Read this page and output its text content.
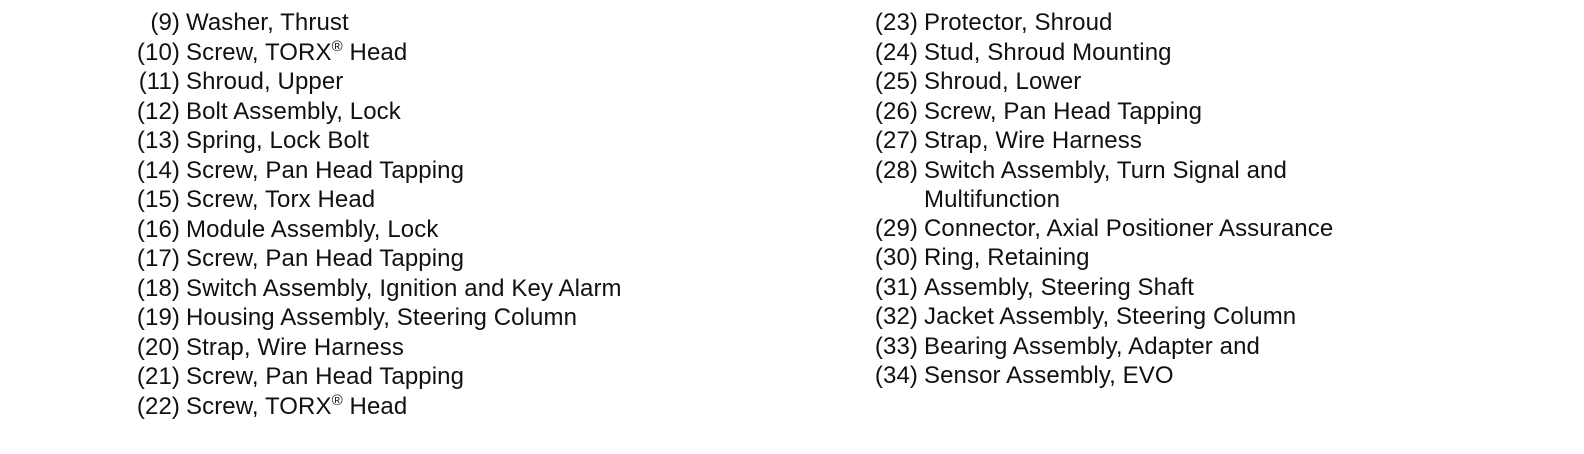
(9) Washer, Thrust
(10) Screw, TORX® Head
(11) Shroud, Upper
(12) Bolt Assembly, Lock
(13) Spring, Lock Bolt
(14) Screw, Pan Head Tapping
(15) Screw, Torx Head
(16) Module Assembly, Lock
(17) Screw, Pan Head Tapping
(18) Switch Assembly, Ignition and Key Alarm
(19) Housing Assembly, Steering Column
(20) Strap, Wire Harness
(21) Screw, Pan Head Tapping
(22) Screw, TORX® Head
(23) Protector, Shroud
(24) Stud, Shroud Mounting
(25) Shroud, Lower
(26) Screw, Pan Head Tapping
(27) Strap, Wire Harness
(28) Switch Assembly, Turn Signal and Multifunction
(29) Connector, Axial Positioner Assurance
(30) Ring, Retaining
(31) Assembly, Steering Shaft
(32) Jacket Assembly, Steering Column
(33) Bearing Assembly, Adapter and
(34) Sensor Assembly, EVO
